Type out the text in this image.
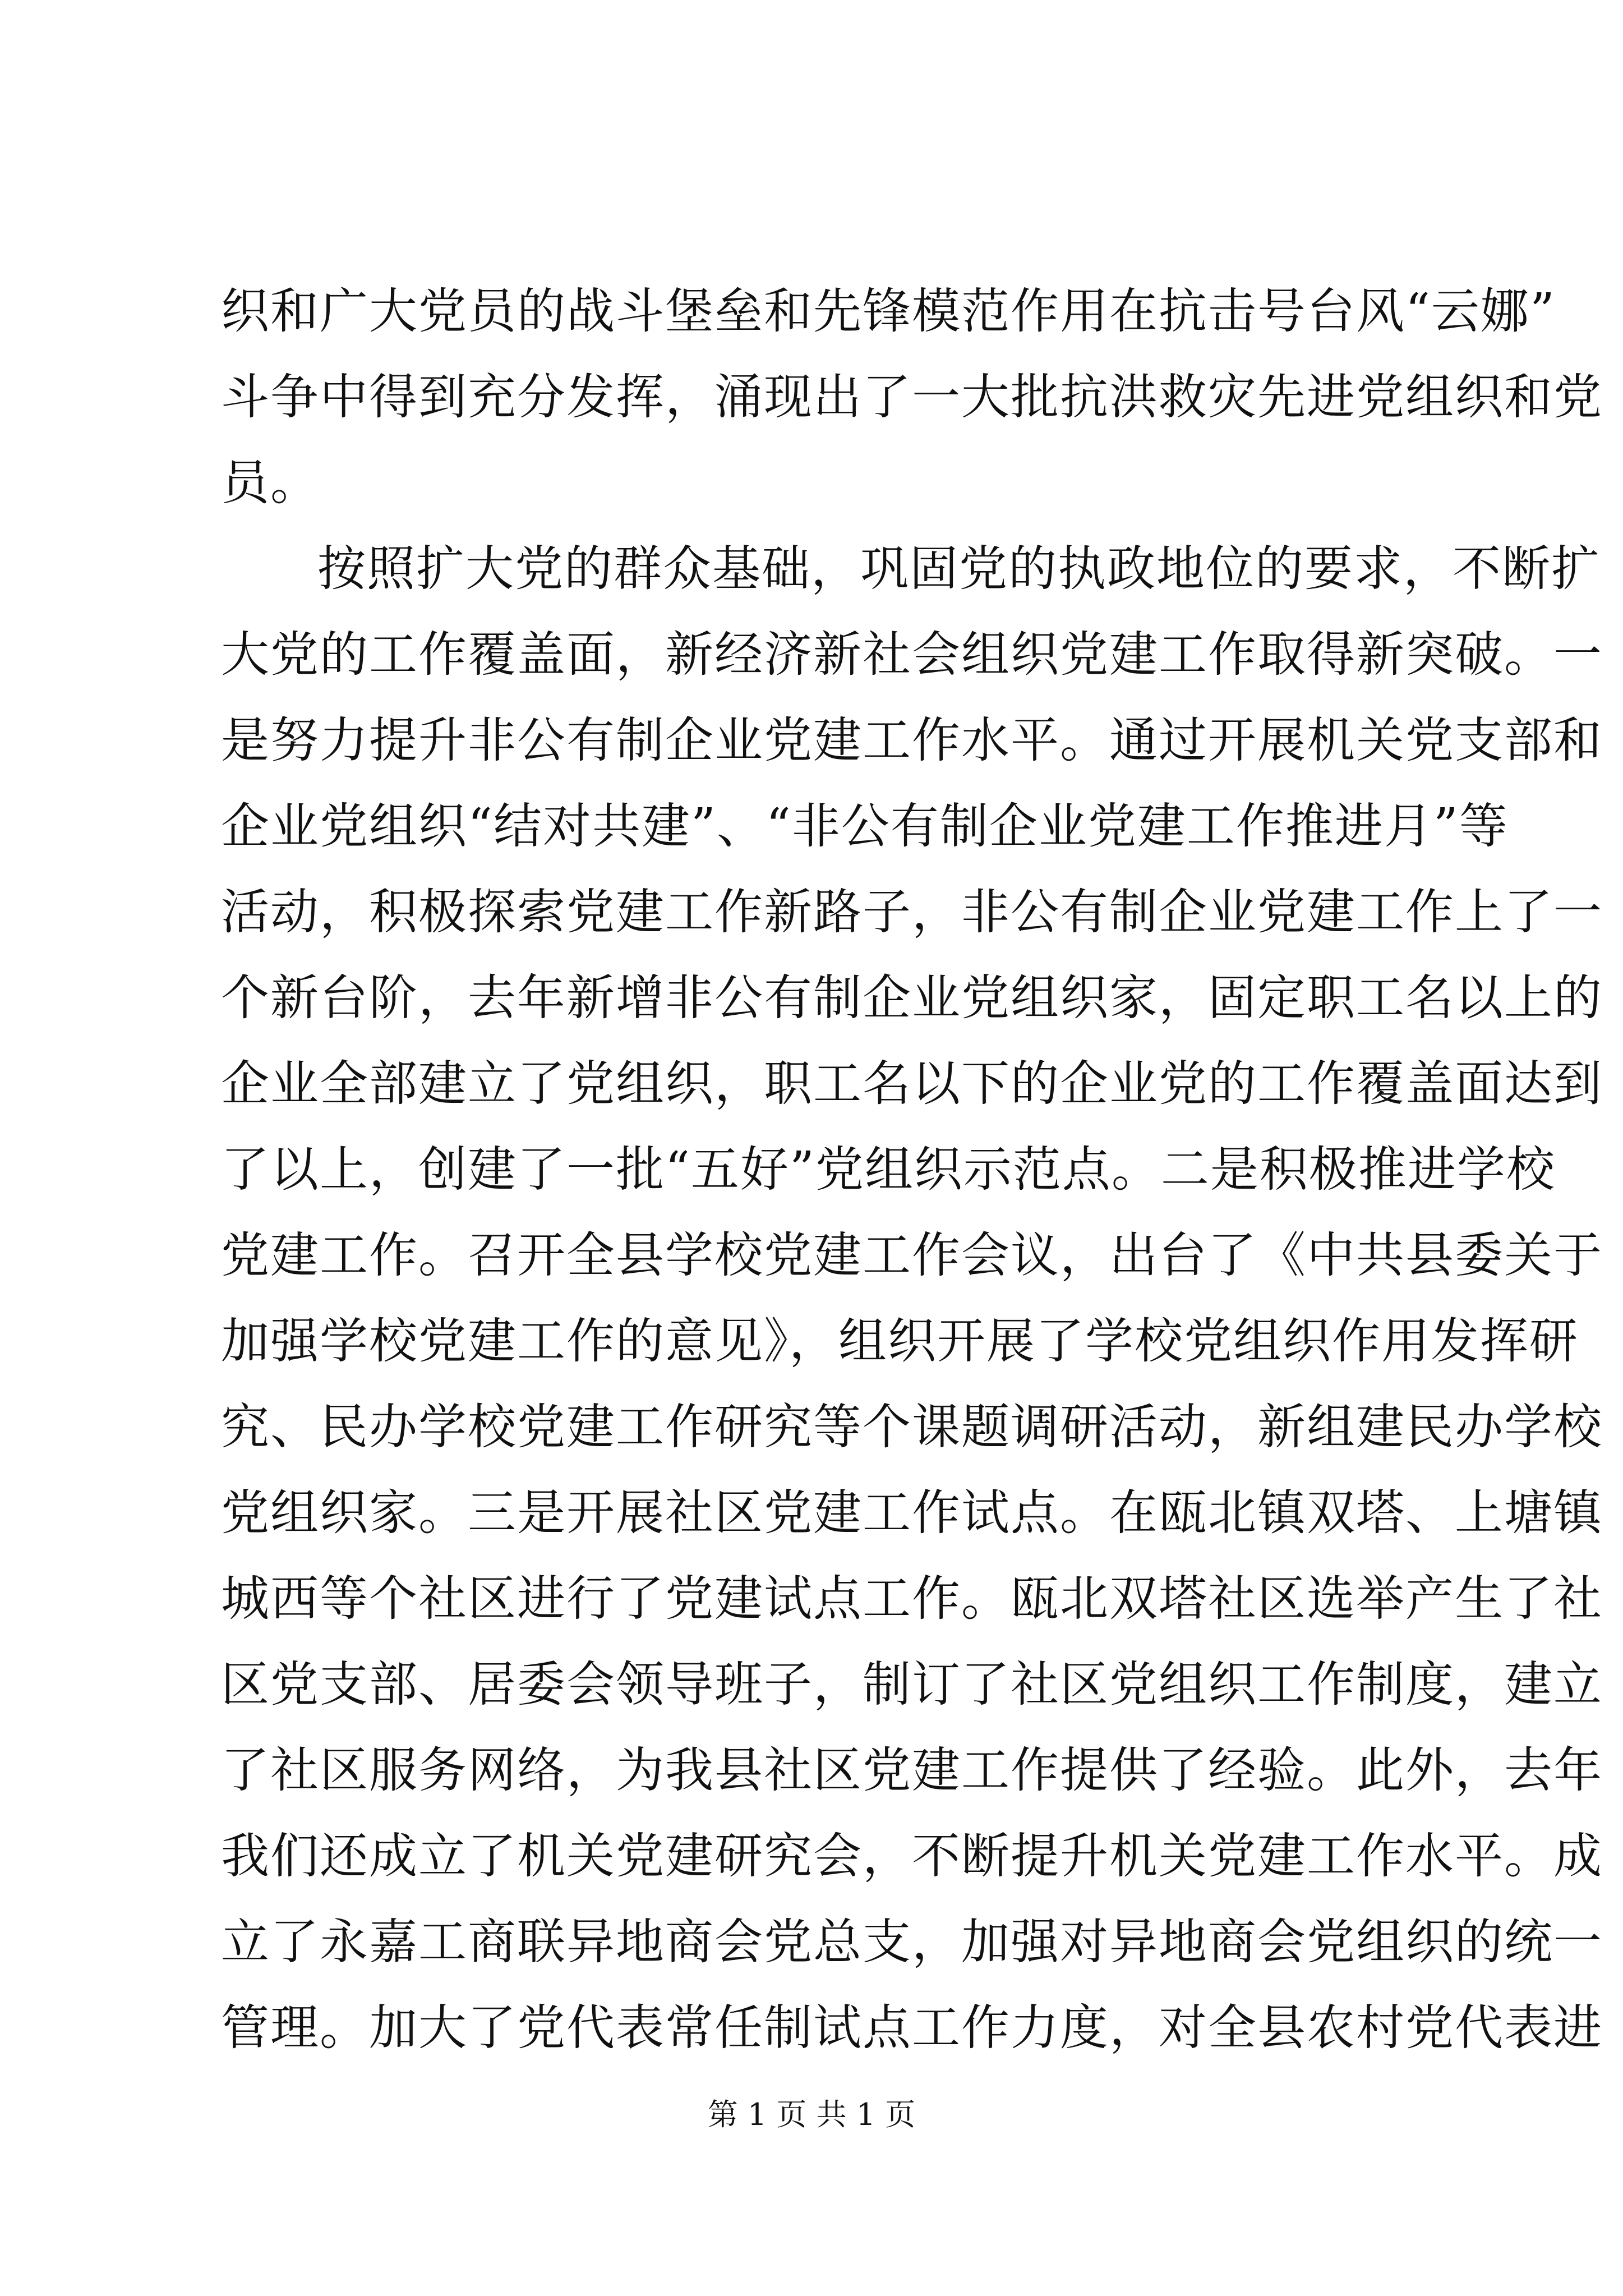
织和广大党员的战斗堡垒和先锋模范作用在抗击号台风“云娜”
斗争中得到充分发挥，涌现出了一大批抗洪救灾先进党组织和党
员。
按照扩大党的群众基础，巩固党的执政地位的要求，不断扩
大党的工作覆盖面，新经济新社会组织党建工作取得新突破。一
是努力提升非公有制企业党建工作水平。通过开展机关党支部和
企业党组织“结对共建”、“非公有制企业党建工作推进月”等
活动，积极探索党建工作新路子，非公有制企业党建工作上了一
个新台阶，去年新增非公有制企业党组织家，固定职工名以上的
企业全部建立了党组织，职工名以下的企业党的工作覆盖面达到
了以上，创建了一批“五好”党组织示范点。二是积极推进学校
党建工作。召开全县学校党建工作会议，出台了《中共县委关于
加强学校党建工作的意见》，组织开展了学校党组织作用发挥研
究、民办学校党建工作研究等个课题调研活动，新组建民办学校
党组织家。三是开展社区党建工作试点。在瓯北镇双塔、上塘镇
城西等个社区进行了党建试点工作。瓯北双塔社区选举产生了社
区党支部、居委会领导班子，制订了社区党组织工作制度，建立
了社区服务网络，为我县社区党建工作提供了经验。此外，去年
我们还成立了机关党建研究会，不断提升机关党建工作水平。成
立了永嘉工商联异地商会党总支，加强对异地商会党组织的统一
管理。加大了党代表常任制试点工作力度，对全县农村党代表进
第 1 页 共 1 页
